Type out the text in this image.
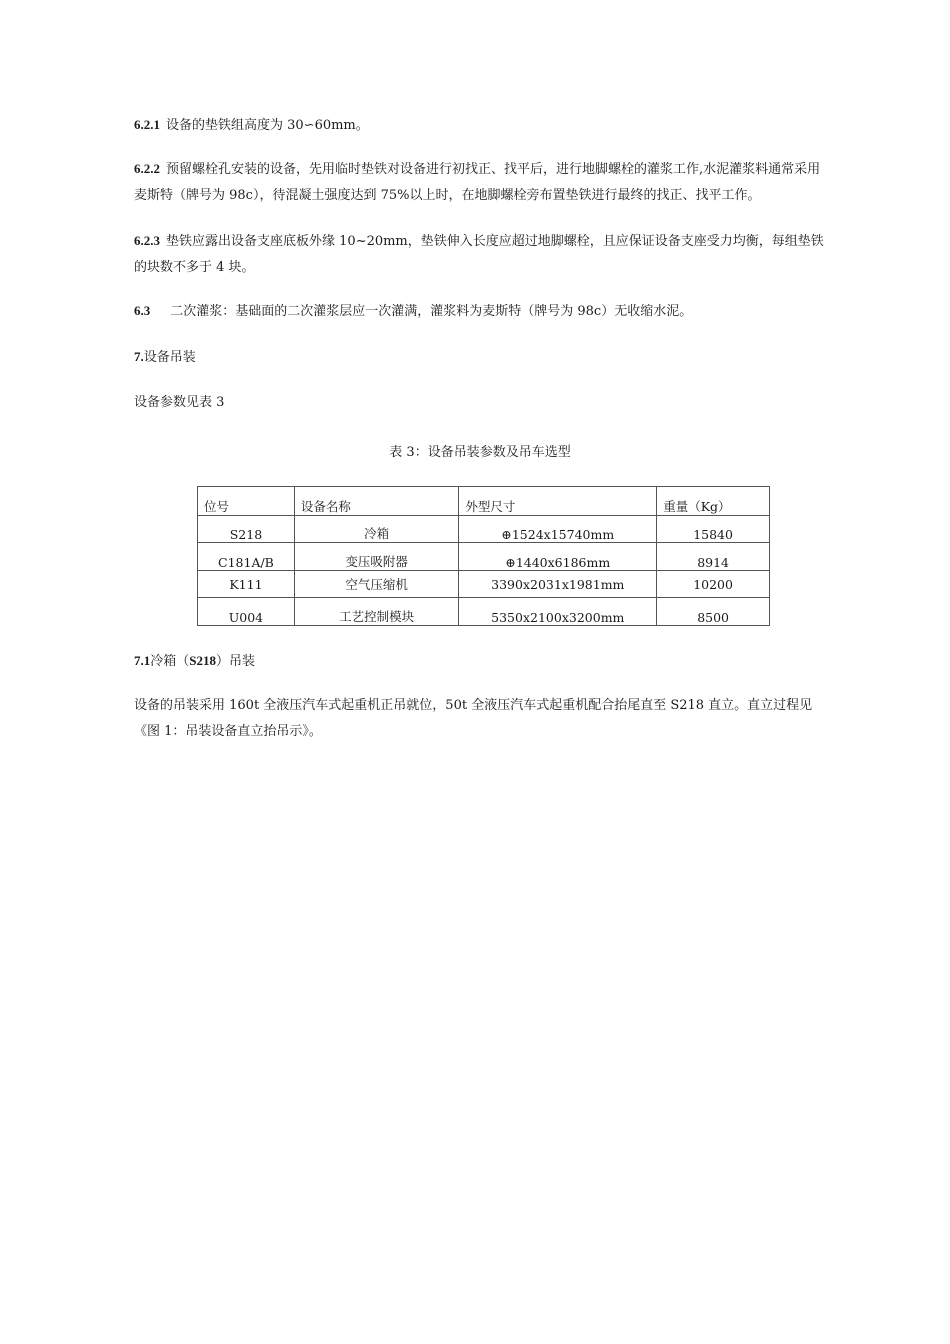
6.2.1 设备的垫铁组高度为 30∽60mm。

6.2.2 预留螺栓孔安装的设备，先用临时垫铁对设备进行初找正、找平后，进行地脚螺栓的灌浆工作,水泥灌浆料通常采用麦斯特（牌号为 98c），待混凝土强度达到 75%以上时，在地脚螺栓旁布置垫铁进行最终的找正、找平工作。

6.2.3 垫铁应露出设备支座底板外缘 10~20mm，垫铁伸入长度应超过地脚螺栓，且应保证设备支座受力均衡，每组垫铁的块数不多于 4 块。

6.3 二次灌浆：基础面的二次灌浆层应一次灌满，灌浆料为麦斯特（牌号为 98c）无收缩水泥。

7.设备吊装

设备参数见表 3

表 3：设备吊装参数及吊车选型
位号	设备名称	外型尺寸	重量（Kg）
S218	冷箱	⊕1524x15740mm	15840
C181A/B	变压吸附器	⊕1440x6186mm	8914
K111	空气压缩机	3390x2031x1981mm	10200
U004	工艺控制模块	5350x2100x3200mm	8500

7.1冷箱（S218）吊装

设备的吊装采用 160t 全液压汽车式起重机正吊就位，50t 全液压汽车式起重机配合抬尾直至 S218 直立。直立过程见《图 1：吊装设备直立抬吊示》。
